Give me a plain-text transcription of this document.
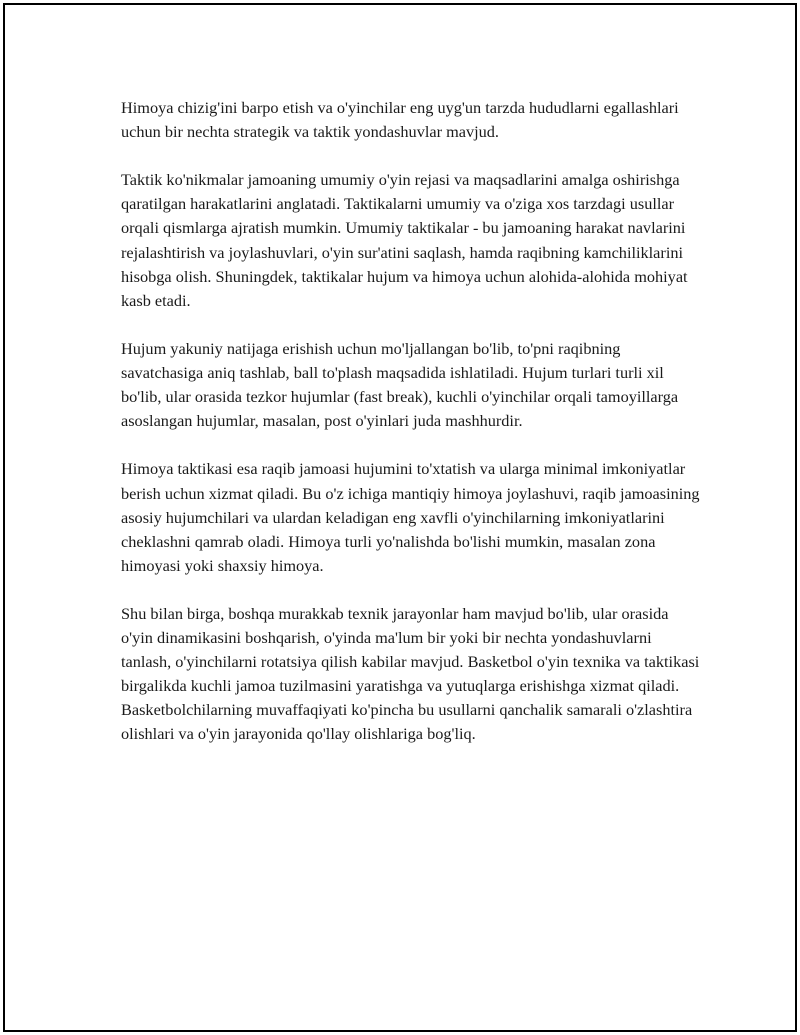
Himoya chizig'ini barpo etish va o'yinchilar eng uyg'un tarzda hududlarni egallashlari uchun bir nechta strategik va taktik yondashuvlar mavjud.

Taktik ko'nikmalar jamoaning umumiy o'yin rejasi va maqsadlarini amalga oshirishga qaratilgan harakatlarini anglatadi. Taktikalarni umumiy va o'ziga xos tarzdagi usullar orqali qismlarga ajratish mumkin. Umumiy taktikalar - bu jamoaning harakat navlarini rejalashtirish va joylashuvlari, o'yin sur'atini saqlash, hamda raqibning kamchiliklarini hisobga olish. Shuningdek, taktikalar hujum va himoya uchun alohida-alohida mohiyat kasb etadi.

Hujum yakuniy natijaga erishish uchun mo'ljallangan bo'lib, to'pni raqibning savatchasiga aniq tashlab, ball to'plash maqsadida ishlatiladi. Hujum turlari turli xil bo'lib, ular orasida tezkor hujumlar (fast break), kuchli o'yinchilar orqali tamoyillarga asoslangan hujumlar, masalan, post o'yinlari juda mashhurdir.

Himoya taktikasi esa raqib jamoasi hujumini to'xtatish va ularga minimal imkoniyatlar berish uchun xizmat qiladi. Bu o'z ichiga mantiqiy himoya joylashuvi, raqib jamoasining asosiy hujumchilari va ulardan keladigan eng xavfli o'yinchilarning imkoniyatlarini cheklashni qamrab oladi. Himoya turli yo'nalishda bo'lishi mumkin, masalan zona himoyasi yoki shaxsiy himoya.

Shu bilan birga, boshqa murakkab texnik jarayonlar ham mavjud bo'lib, ular orasida o'yin dinamikasini boshqarish, o'yinda ma'lum bir yoki bir nechta yondashuvlarni tanlash, o'yinchilarni rotatsiya qilish kabilar mavjud. Basketbol o'yin texnika va taktikasi birgalikda kuchli jamoa tuzilmasini yaratishga va yutuqlarga erishishga xizmat qiladi. Basketbolchilarning muvaffaqiyati ko'pincha bu usullarni qanchalik samarali o'zlashtira olishlari va o'yin jarayonida qo'llay olishlariga bog'liq.
